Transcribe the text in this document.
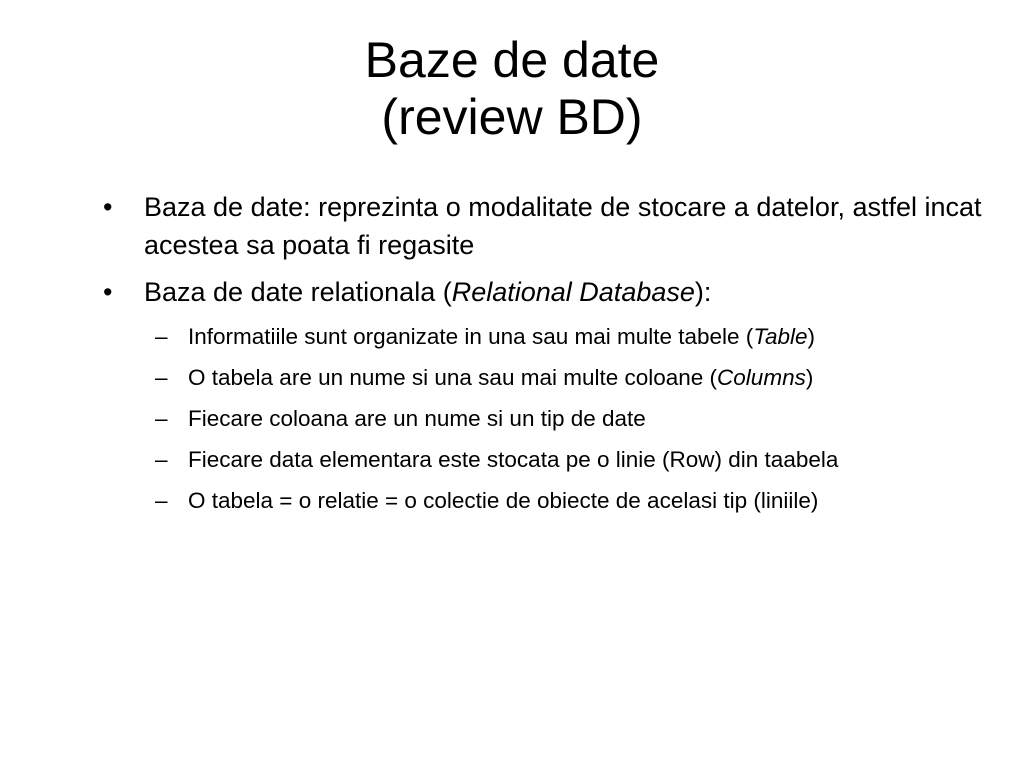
Baze de date
(review BD)
• Baza de date: reprezinta o modalitate de stocare a datelor, astfel incat acestea sa poata fi regasite
• Baza de date relationala (Relational Database):
– Informatiile sunt organizate in una sau mai multe tabele (Table)
– O tabela are un nume si una sau mai multe coloane (Columns)
– Fiecare coloana are un nume si un tip de date
– Fiecare data elementara este stocata pe o linie (Row) din taabela
– O tabela = o relatie = o colectie de obiecte de acelasi tip (liniile)
